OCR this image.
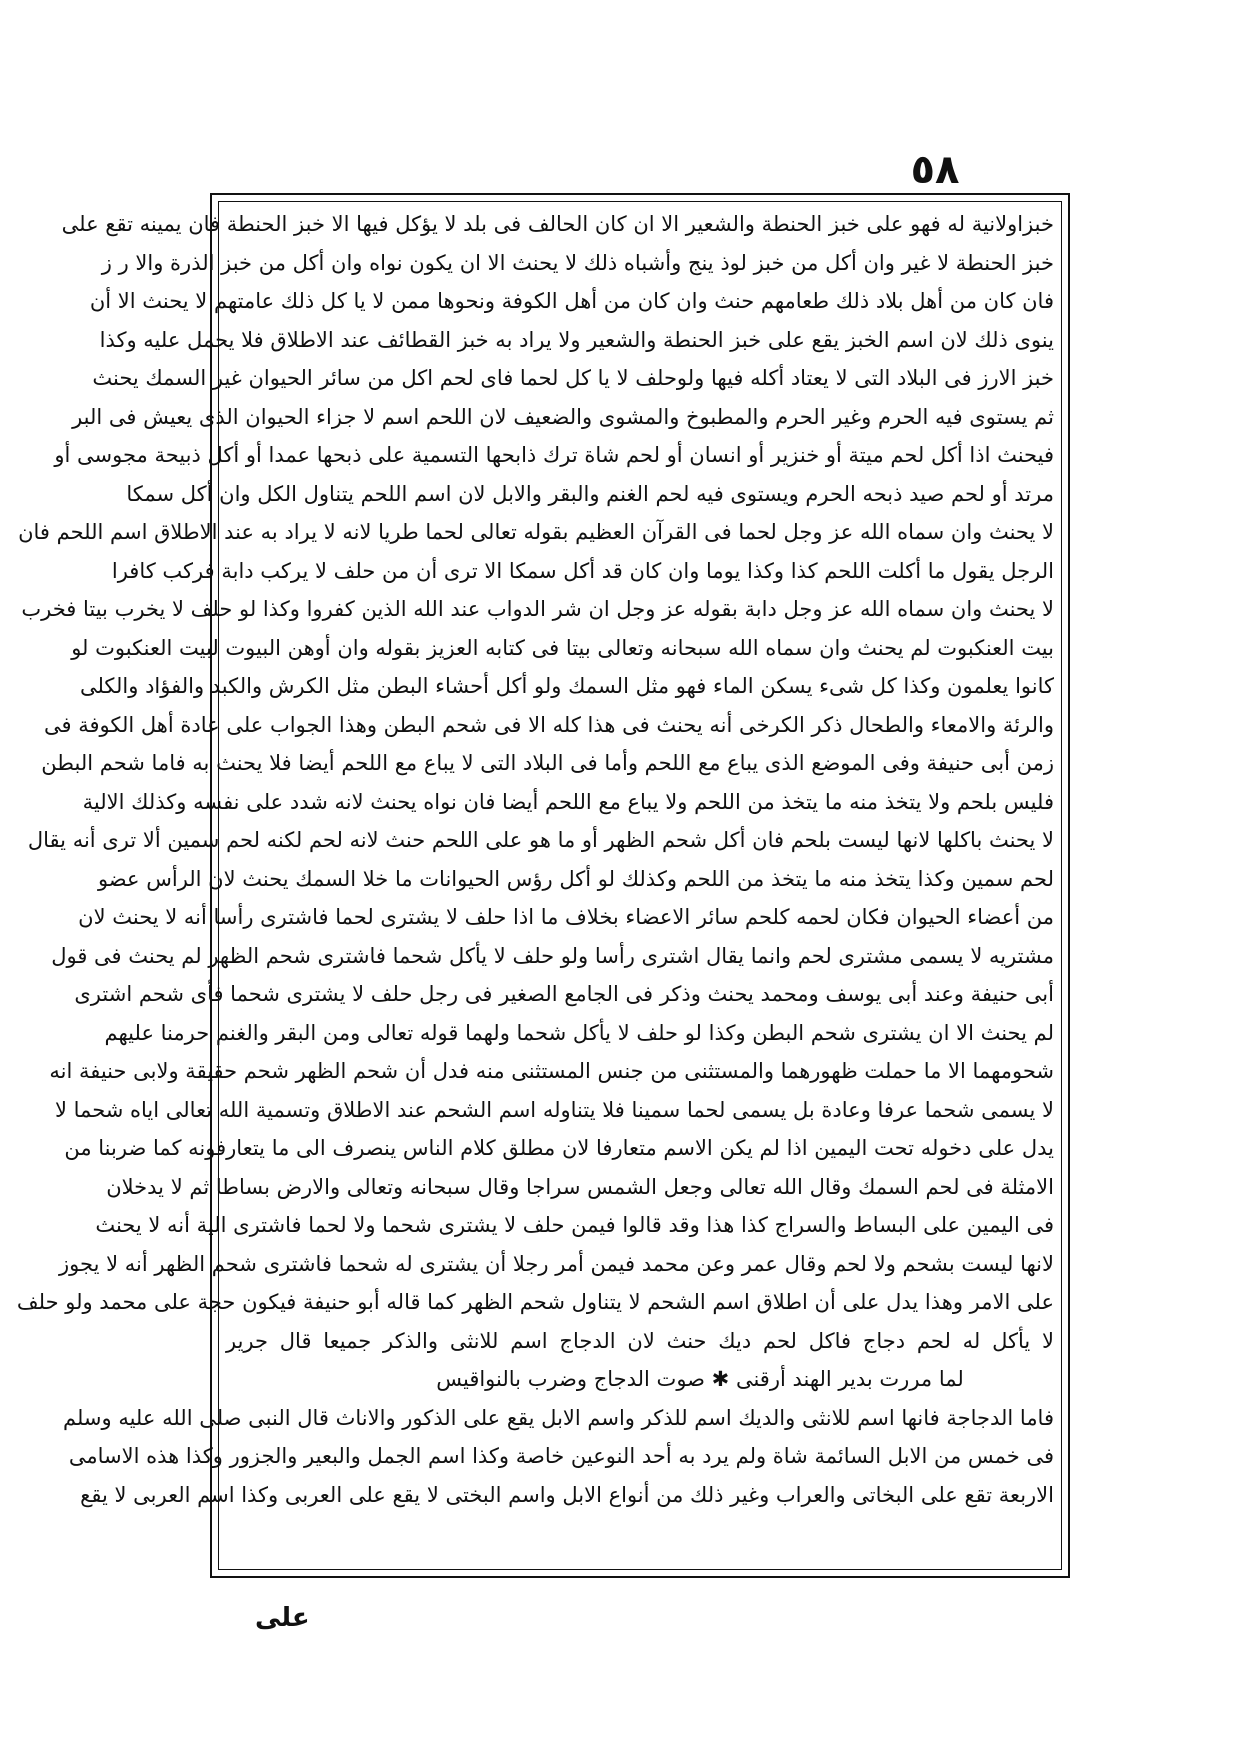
٥٨
خبزاولانية له فهو على خبز الحنطة والشعير الا ان كان الحالف فى بلد لا يؤكل فيها الا خبز الحنطة فان يمينه تقع على
خبز الحنطة لا غير وان أكل من خبز لوذ ينج وأشباه ذلك لا يحنث الا ان يكون نواه وان أكل من خبز الذرة والا ر ز
فان كان من أهل بلاد ذلك طعامهم حنث وان كان من أهل الكوفة ونحوها ممن لا يا كل ذلك عامتهم لا يحنث الا أن
ينوى ذلك لان اسم الخبز يقع على خبز الحنطة والشعير ولا يراد به خبز القطائف عند الاطلاق فلا يحمل عليه وكذا
خبز الارز فى البلاد التى لا يعتاد أكله فيها ولوحلف لا يا كل لحما فاى لحم اكل من سائر الحيوان غير السمك يحنث
ثم يستوى فيه الحرم وغير الحرم والمطبوخ والمشوى والضعيف لان اللحم اسم لا جزاء الحيوان الذى يعيش فى البر
فيحنث اذا أكل لحم ميتة أو خنزير أو انسان أو لحم شاة ترك ذابحها التسمية على ذبحها عمدا أو أكل ذبيحة مجوسى أو
مرتد أو لحم صيد ذبحه الحرم ويستوى فيه لحم الغنم والبقر والابل لان اسم اللحم يتناول الكل وان أكل سمكا
لا يحنث وان سماه الله عز وجل لحما فى القرآن العظيم بقوله تعالى لحما طريا لانه لا يراد به عند الاطلاق اسم اللحم فان
الرجل يقول ما أكلت اللحم كذا وكذا يوما وان كان قد أكل سمكا الا ترى أن من حلف لا يركب دابة فركب كافرا
لا يحنث وان سماه الله عز وجل دابة بقوله عز وجل ان شر الدواب عند الله الذين كفروا وكذا لو حلف لا يخرب بيتا فخرب
بيت العنكبوت لم يحنث وان سماه الله سبحانه وتعالى بيتا فى كتابه العزيز بقوله وان أوهن البيوت لبيت العنكبوت لو
كانوا يعلمون وكذا كل شىء يسكن الماء فهو مثل السمك ولو أكل أحشاء البطن مثل الكرش والكبد والفؤاد والكلى
والرئة والامعاء والطحال ذكر الكرخى أنه يحنث فى هذا كله الا فى شحم البطن وهذا الجواب على عادة أهل الكوفة فى
زمن أبى حنيفة وفى الموضع الذى يباع مع اللحم وأما فى البلاد التى لا يباع مع اللحم أيضا فلا يحنث به فاما شحم البطن
فليس بلحم ولا يتخذ منه ما يتخذ من اللحم ولا يباع مع اللحم أيضا فان نواه يحنث لانه شدد على نفسه وكذلك الالية
لا يحنث باكلها لانها ليست بلحم فان أكل شحم الظهر أو ما هو على اللحم حنث لانه لحم لكنه لحم سمين ألا ترى أنه يقال
لحم سمين وكذا يتخذ منه ما يتخذ من اللحم وكذلك لو أكل رؤس الحيوانات ما خلا السمك يحنث لان الرأس عضو
من أعضاء الحيوان فكان لحمه كلحم سائر الاعضاء بخلاف ما اذا حلف لا يشترى لحما فاشترى رأسا أنه لا يحنث لان
مشتريه لا يسمى مشترى لحم وانما يقال اشترى رأسا ولو حلف لا يأكل شحما فاشترى شحم الظهر لم يحنث فى قول
أبى حنيفة وعند أبى يوسف ومحمد يحنث وذكر فى الجامع الصغير فى رجل حلف لا يشترى شحما فأى شحم اشترى
لم يحنث الا ان يشترى شحم البطن وكذا لو حلف لا يأكل شحما ولهما قوله تعالى ومن البقر والغنم حرمنا عليهم
شحومهما الا ما حملت ظهورهما والمستثنى من جنس المستثنى منه فدل أن شحم الظهر شحم حقيقة ولابى حنيفة انه
لا يسمى شحما عرفا وعادة بل يسمى لحما سمينا فلا يتناوله اسم الشحم عند الاطلاق وتسمية الله تعالى اياه شحما لا
يدل على دخوله تحت اليمين اذا لم يكن الاسم متعارفا لان مطلق كلام الناس ينصرف الى ما يتعارفونه كما ضربنا من
الامثلة فى لحم السمك وقال الله تعالى وجعل الشمس سراجا وقال سبحانه وتعالى والارض بساطا ثم لا يدخلان
فى اليمين على البساط والسراج كذا هذا وقد قالوا فيمن حلف لا يشترى شحما ولا لحما فاشترى الية أنه لا يحنث
لانها ليست بشحم ولا لحم وقال عمر وعن محمد فيمن أمر رجلا أن يشترى له شحما فاشترى شحم الظهر أنه لا يجوز
على الامر وهذا يدل على أن اطلاق اسم الشحم لا يتناول شحم الظهر كما قاله أبو حنيفة فيكون حجة على محمد ولو حلف
لا يأكل له لحم دجاج فاكل لحم ديك حنث لان الدجاج اسم للانثى والذكر جميعا قال جرير
لما مررت بدير الهند أرقنى ✱ صوت الدجاج وضرب بالنواقيس
فاما الدجاجة فانها اسم للانثى والديك اسم للذكر واسم الابل يقع على الذكور والاناث قال النبى صلى الله عليه وسلم
فى خمس من الابل السائمة شاة ولم يرد به أحد النوعين خاصة وكذا اسم الجمل والبعير والجزور وكذا هذه الاسامى
الاربعة تقع على البخاتى والعراب وغير ذلك من أنواع الابل واسم البختى لا يقع على العربى وكذا اسم العربى لا يقع
على
